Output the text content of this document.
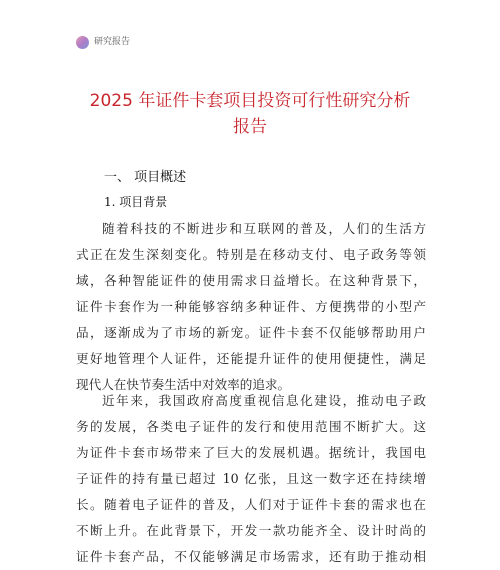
研究报告
2025 年证件卡套项目投资可行性研究分析
报告
一、 项目概述
1. 项目背景

随着科技的不断进步和互联网的普及，人们的生活方
式正在发生深刻变化。特别是在移动支付、电子政务等领
域，各种智能证件的使用需求日益增长。在这种背景下，
证件卡套作为一种能够容纳多种证件、方便携带的小型产
品，逐渐成为了市场的新宠。证件卡套不仅能够帮助用户
更好地管理个人证件，还能提升证件的使用便捷性，满足
现代人在快节奏生活中对效率的追求。

近年来，我国政府高度重视信息化建设，推动电子政
务的发展，各类电子证件的发行和使用范围不断扩大。这
为证件卡套市场带来了巨大的发展机遇。据统计，我国电
子证件的持有量已超过 10 亿张，且这一数字还在持续增
长。随着电子证件的普及，人们对于证件卡套的需求也在
不断上升。在此背景下，开发一款功能齐全、设计时尚的
证件卡套产品，不仅能够满足市场需求，还有助于推动相
